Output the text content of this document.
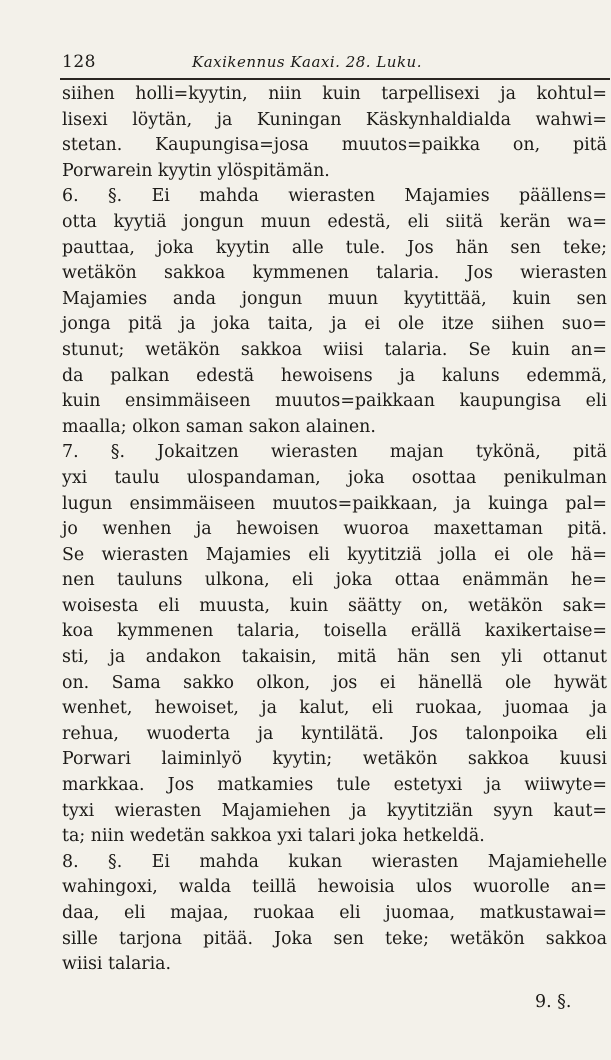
128	Kaxikennus Kaaxi. 28. Luku.
siihen holli=kyytin, niin kuin tarpellisexi ja kohtul=
lisexi löytän, ja Kuningan Käskynhaldialda wahwi=
stetan. Kaupungisa=josa muutos=paikka on, pitä
Porwarein kyytin ylöspitämän.
6. §. Ei mahda wierasten Majamies päällens=
otta kyytiä jongun muun edestä, eli siitä kerän wa=
pauttaa, joka kyytin alle tule. Jos hän sen teke;
wetäkön sakkoa kymmenen talaria. Jos wierasten
Majamies anda jongun muun kyytittää, kuin sen
jonga pitä ja joka taita, ja ei ole itze siihen suo=
stunut; wetäkön sakkoa wiisi talaria. Se kuin an=
da palkan edestä hewoisens ja kaluns edemmä,
kuin ensimmäiseen muutos=paikkaan kaupungisa eli
maalla; olkon saman sakon alainen.
7. §. Jokaitzen wierasten majan tykönä, pitä
yxi taulu ulospandaman, joka osottaa penikulman
lugun ensimmäiseen muutos=paikkaan, ja kuinga pal=
jo wenhen ja hewoisen wuoroa maxettaman pitä.
Se wierasten Majamies eli kyytitziä jolla ei ole hä=
nen tauluns ulkona, eli joka ottaa enämmän he=
woisesta eli muusta, kuin säätty on, wetäkön sak=
koa kymmenen talaria, toisella erällä kaxikertaise=
sti, ja andakon takaisin, mitä hän sen yli ottanut
on. Sama sakko olkon, jos ei hänellä ole hywät
wenhet, hewoiset, ja kalut, eli ruokaa, juomaa ja
rehua, wuoderta ja kyntilätä. Jos talonpoika eli
Porwari laiminlyö kyytin; wetäkön sakkoa kuusi
markkaa. Jos matkamies tule estetyxi ja wiiwyte=
tyxi wierasten Majamiehen ja kyytitziän syyn kaut=
ta; niin wedetän sakkoa yxi talari joka hetkeldä.
8. §. Ei mahda kukan wierasten Majamiehelle
wahingoxi, walda teillä hewoisia ulos wuorolle an=
daa, eli majaa, ruokaa eli juomaa, matkustawai=
sille tarjona pitää. Joka sen teke; wetäkön sakkoa
wiisi talaria.
9. §.
